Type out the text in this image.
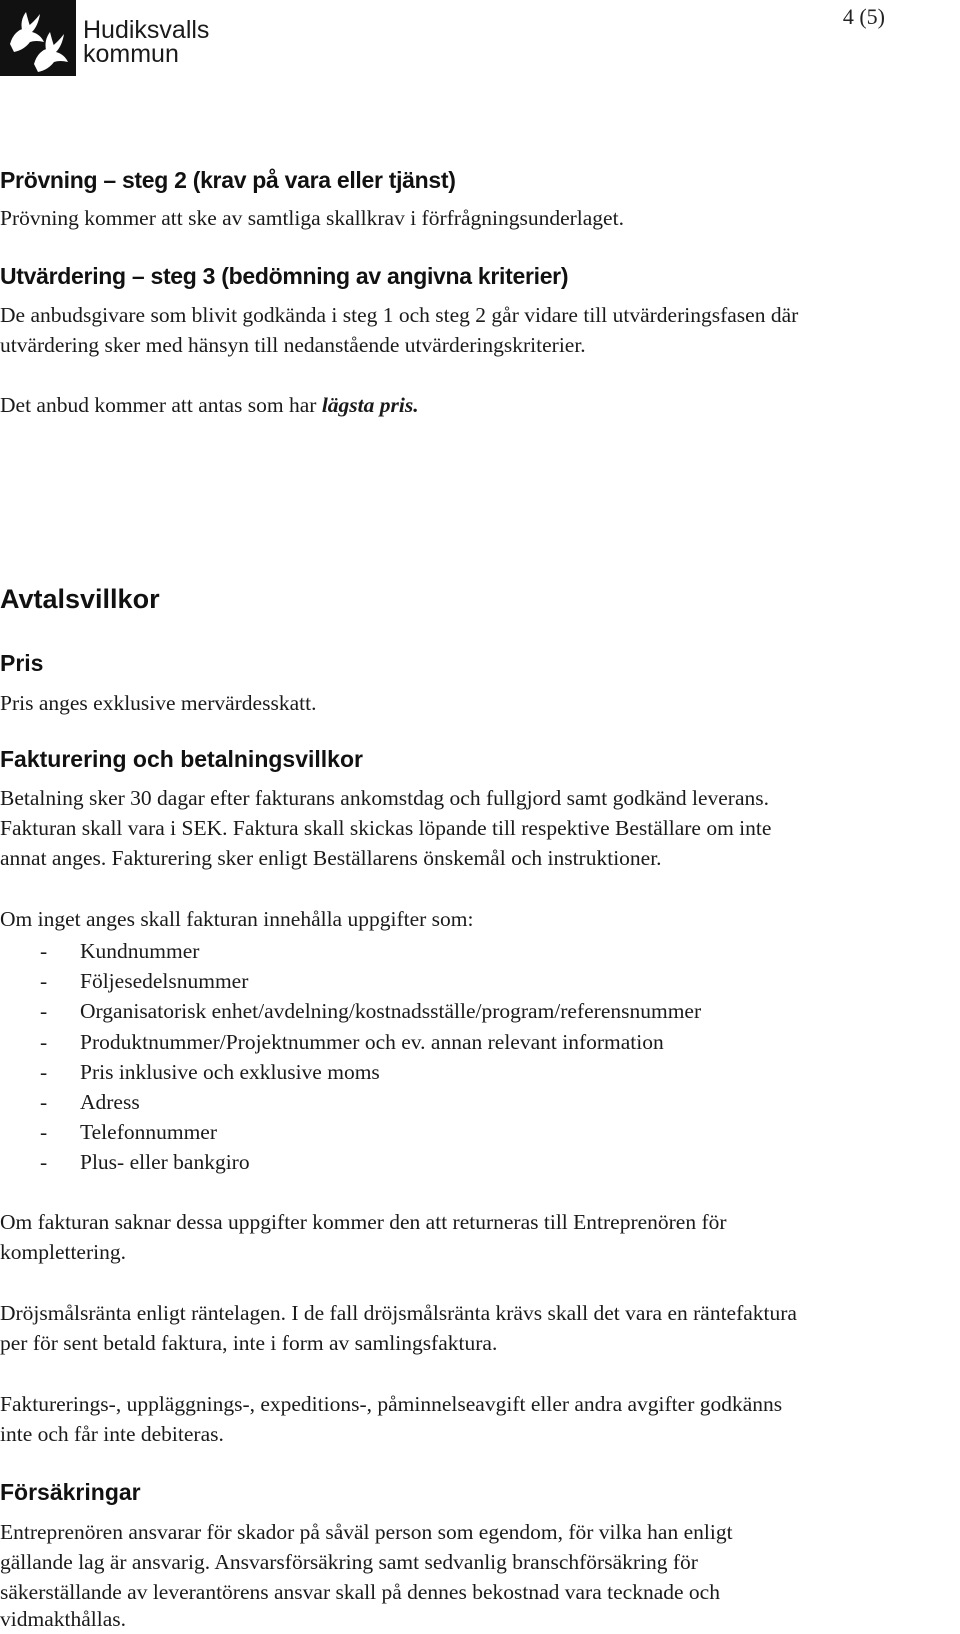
Hudiksvalls
kommun
4 (5)
Prövning – steg 2 (krav på vara eller tjänst)
Prövning kommer att ske av samtliga skallkrav i förfrågningsunderlaget.
Utvärdering – steg 3 (bedömning av angivna kriterier)
De anbudsgivare som blivit godkända i steg 1 och steg 2 går vidare till utvärderingsfasen där
utvärdering sker med hänsyn till nedanstående utvärderingskriterier.
Det anbud kommer att antas som har lägsta pris.
Avtalsvillkor
Pris
Pris anges exklusive mervärdesskatt.
Fakturering och betalningsvillkor
Betalning sker 30 dagar efter fakturans ankomstdag och fullgjord samt godkänd leverans.
Fakturan skall vara i SEK. Faktura skall skickas löpande till respektive Beställare om inte
annat anges. Fakturering sker enligt Beställarens önskemål och instruktioner.
Om inget anges skall fakturan innehålla uppgifter som:
- Kundnummer
- Följesedelsnummer
- Organisatorisk enhet/avdelning/kostnadsställe/program/referensnummer
- Produktnummer/Projektnummer och ev. annan relevant information
- Pris inklusive och exklusive moms
- Adress
- Telefonnummer
- Plus- eller bankgiro
Om fakturan saknar dessa uppgifter kommer den att returneras till Entreprenören för
komplettering.
Dröjsmålsränta enligt räntelagen. I de fall dröjsmålsränta krävs skall det vara en räntefaktura
per för sent betald faktura, inte i form av samlingsfaktura.
Fakturerings-, uppläggnings-, expeditions-, påminnelseavgift eller andra avgifter godkänns
inte och får inte debiteras.
Försäkringar
Entreprenören ansvarar för skador på såväl person som egendom, för vilka han enligt
gällande lag är ansvarig. Ansvarsförsäkring samt sedvanlig branschförsäkring för
säkerställande av leverantörens ansvar skall på dennes bekostnad vara tecknade och
vidmakthållas.
